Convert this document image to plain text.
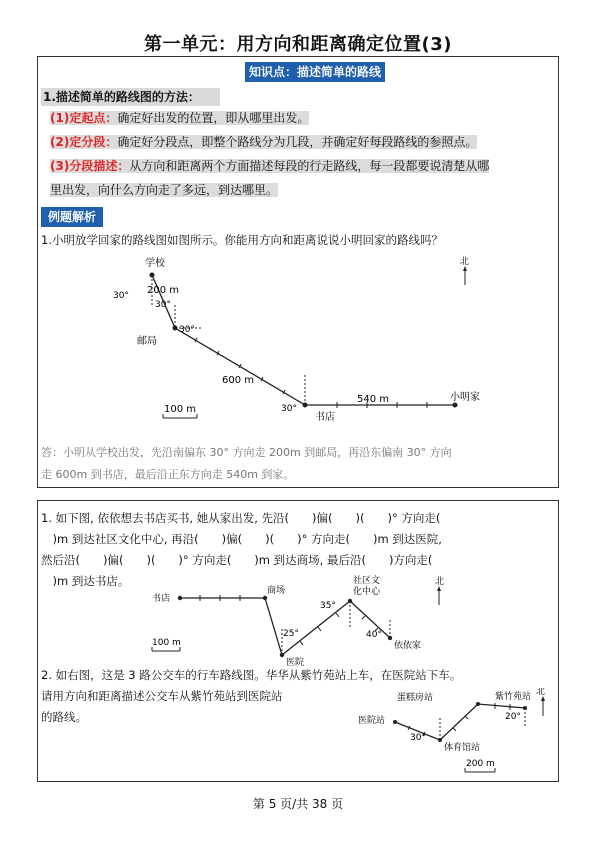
第一单元：用方向和距离确定位置(3)
知识点：描述简单的路线图
1.描述简单的路线图的方法：
(1)定起点：确定好出发的位置，即从哪里出发。
(2)定分段：确定好分段点，即整个路线分为几段，并确定好每段路线的参照点。
(3)分段描述：从方向和距离两个方面描述每段的行走路线，每一段都要说清楚从哪
里出发，向什么方向走了多远，到达哪里。
例题解析
1.小明放学回家的路线图如图所示。你能用方向和距离说说小明回家的路线吗？
学校
邮局
书店
小明家
200 m
600 m
540 m
30°
30°
30°
30°
北
100 m
答：小明从学校出发，先沿南偏东 30° 方向走 200m 到邮局，再沿东偏南 30° 方向
走 600m 到书店，最后沿正东方向走 540m 到家。
1. 如下图, 依依想去书店买书, 她从家出发, 先沿(　　)偏(　　)(　　)° 方向走(
　)m 到达社区文化中心, 再沿(　　)偏(　　)(　　)° 方向走(　　)m 到达医院,
然后沿(　　)偏(　　)(　　)° 方向走(　　)m 到达商场, 最后沿(　　)方向走(
　)m 到达书店。
书店
商场
社区文
化中心
医院
依依家
35°
25°	40°
北
100 m
2. 如右图，这是 3 路公交车的行车路线图。华华从紫竹苑站上车，在医院站下车。
请用方向和距离描述公交车从紫竹苑站到医院站
的路线。
蛋糕房站	紫竹苑站
医院站
体育馆站
20°
30°
北
200 m
第 5 页/共 38 页
